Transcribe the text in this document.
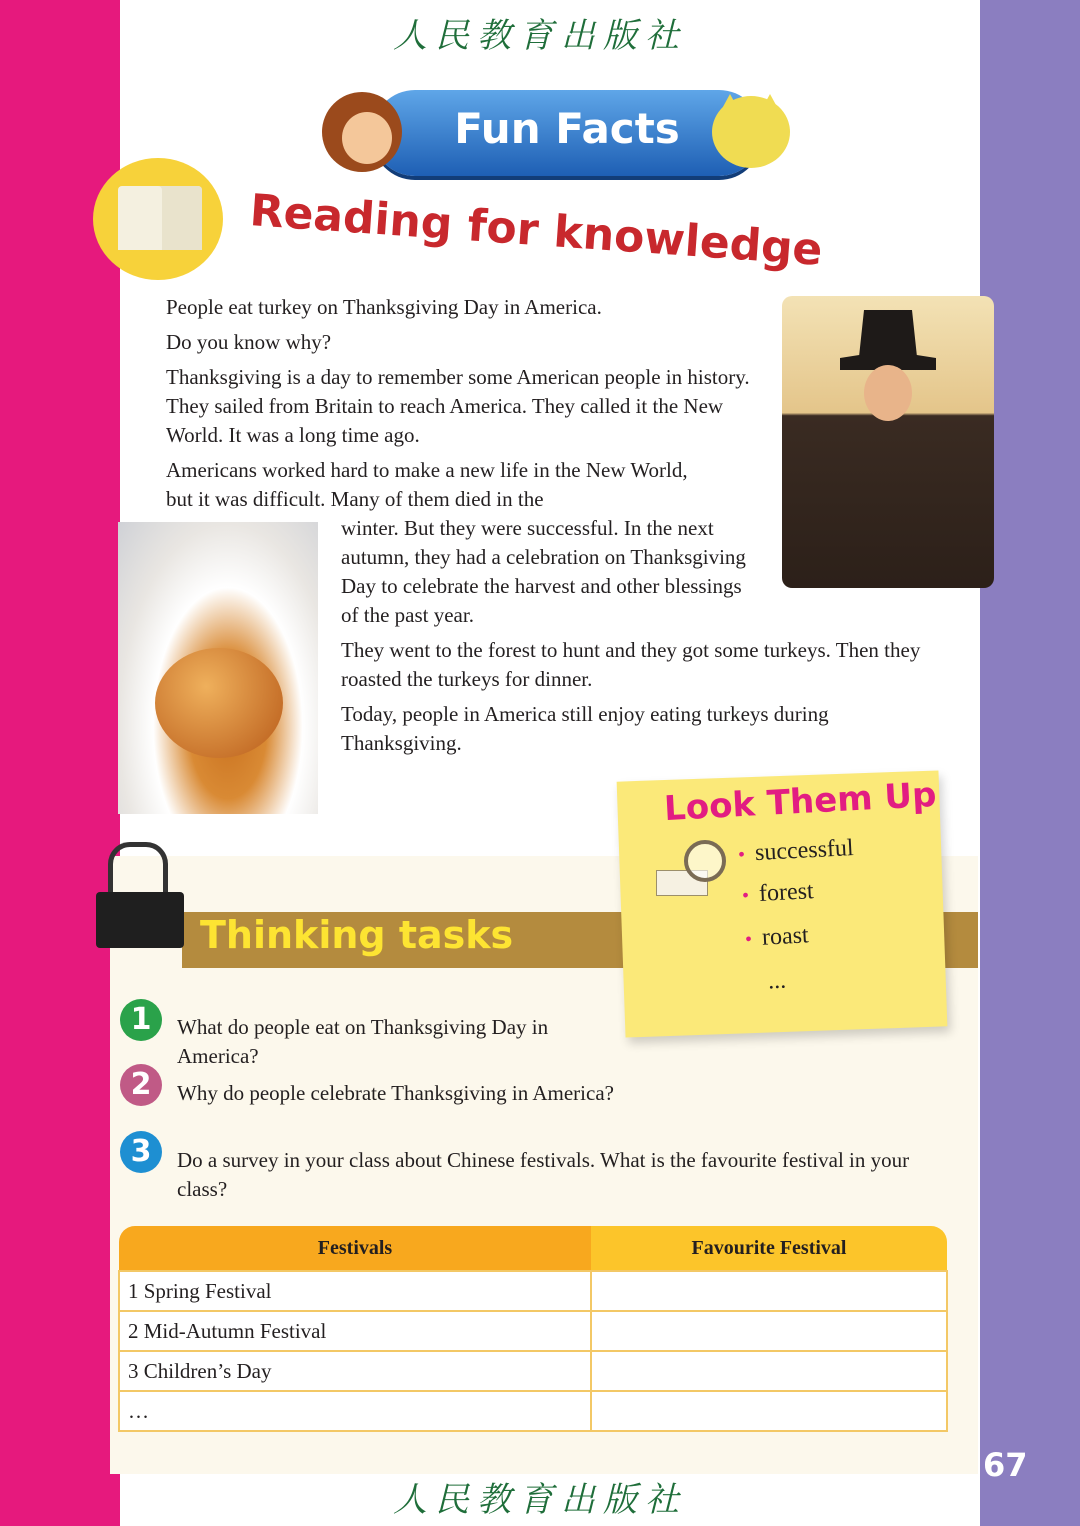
人民教育出版社
Fun Facts
Reading for knowledge

People eat turkey on Thanksgiving Day in America.

Do you know why?

Thanksgiving is a day to remember some American people in history. They sailed from Britain to reach America. They called it the New World. It was a long time ago.

Americans worked hard to make a new life in the New World, but it was difficult. Many of them died in the

winter. But they were successful. In the next autumn, they had a celebration on Thanksgiving Day to celebrate the harvest and other blessings of the past year.

They went to the forest to hunt and they got some turkeys. Then they roasted the turkeys for dinner.

Today, people in America still enjoy eating turkeys during Thanksgiving.

Thinking tasks
Look Them Up
• successful
• forest
• roast
...
1	What do people eat on Thanksgiving Day in America?

2	Why do people celebrate Thanksgiving in America?

3	Do a survey in your class about Chinese festivals. What is the favourite festival in your class?

Festivals	Favourite Festival
1 Spring Festival	
2 Mid-Autumn Festival	
3 Children’s Day	
…	
67
人民教育出版社
